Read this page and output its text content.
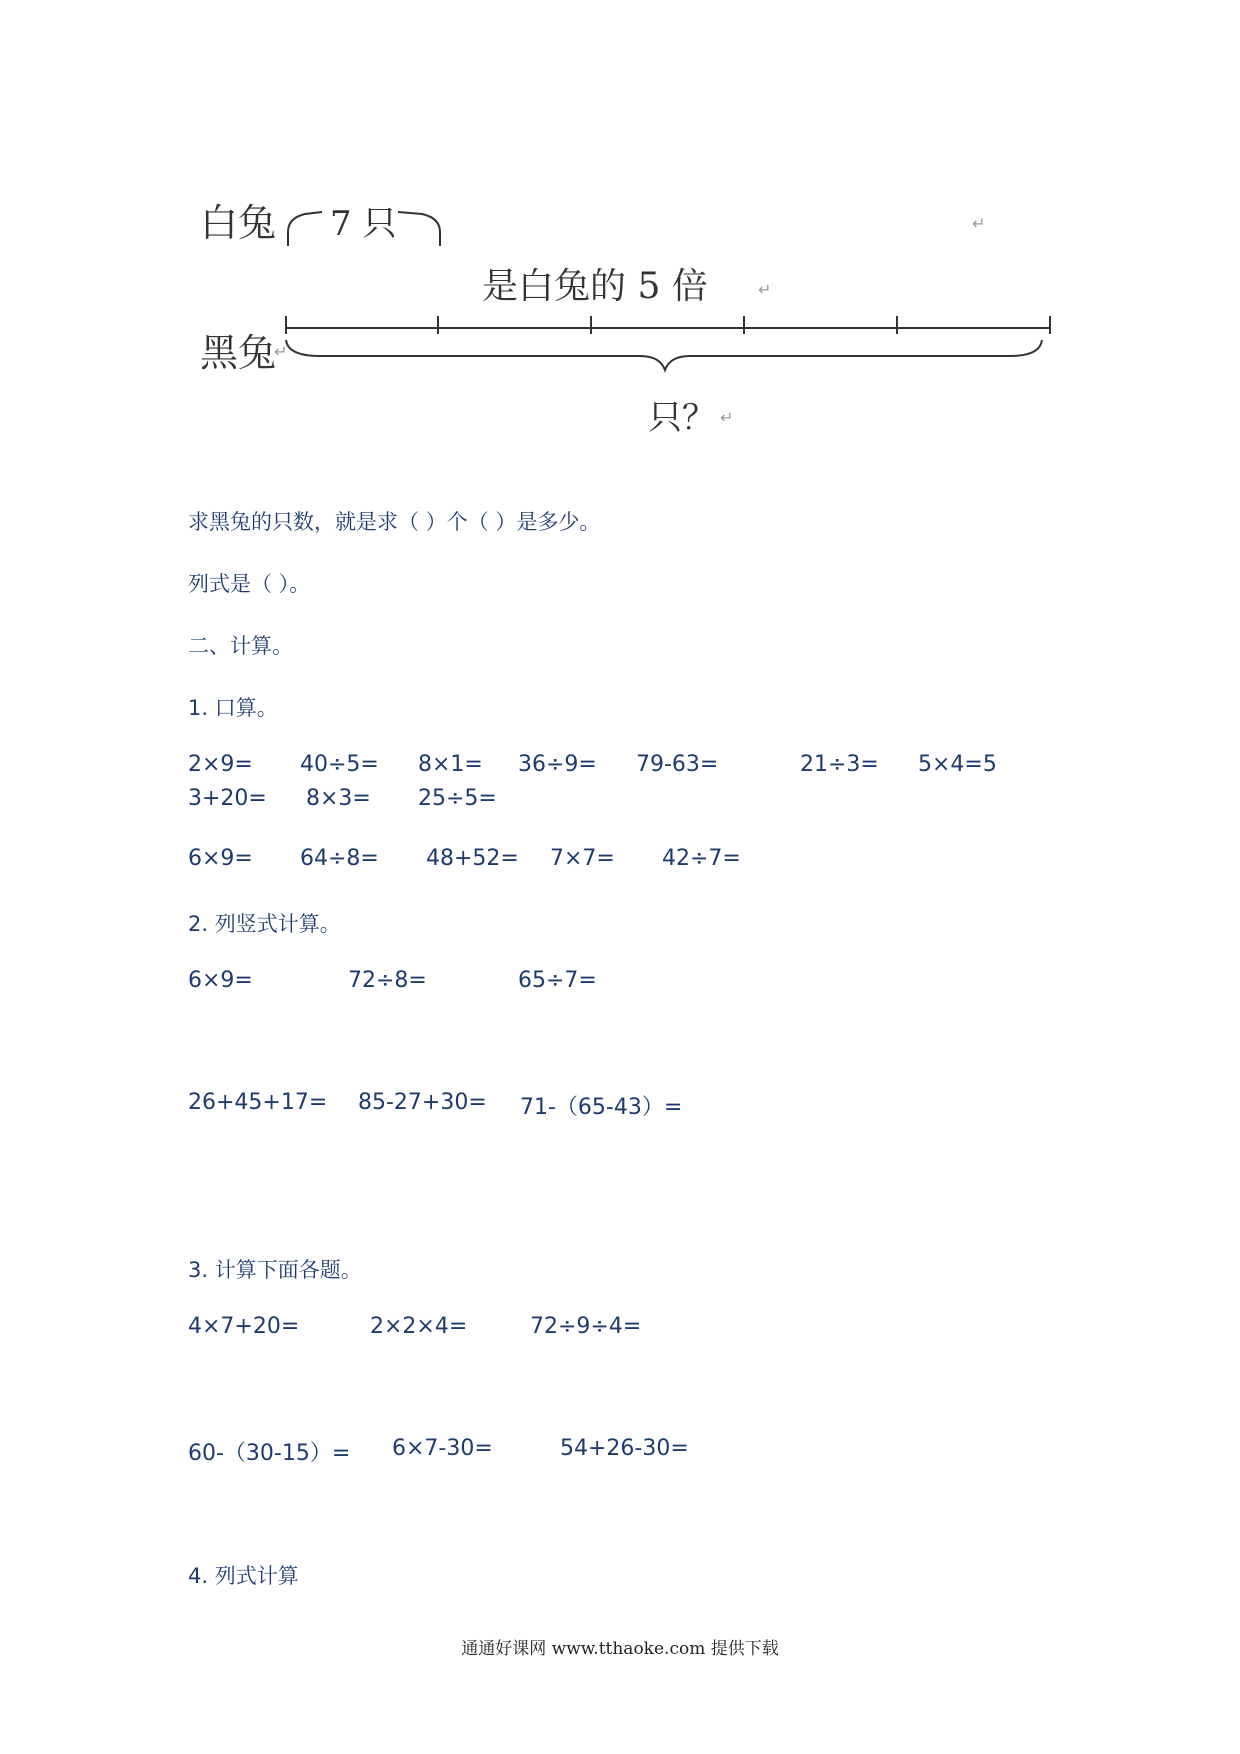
白兔 7 只
是白兔的 5 倍
黑兔
只？
↵
↵
↵
↵
求黑兔的只数，就是求（ ）个（ ）是多少。
列式是（ ）。
二、计算。
1. 口算。
2×9= 40÷5= 8×1= 36÷9= 79-63=	21÷3= 5×4=5
3+20= 8×3= 25÷5=
6×9= 64÷8= 48+52= 7×7= 42÷7=
2. 列竖式计算。
6×9=	72÷8=	65÷7=
26+45+17= 85-27+30= 71-（65-43）=
3. 计算下面各题。
4×7+20=	2×2×4=	72÷9÷4=
60-（30-15）= 6×7-30=	54+26-30=
4. 列式计算
通通好课网 www.tthaoke.com 提供下载
